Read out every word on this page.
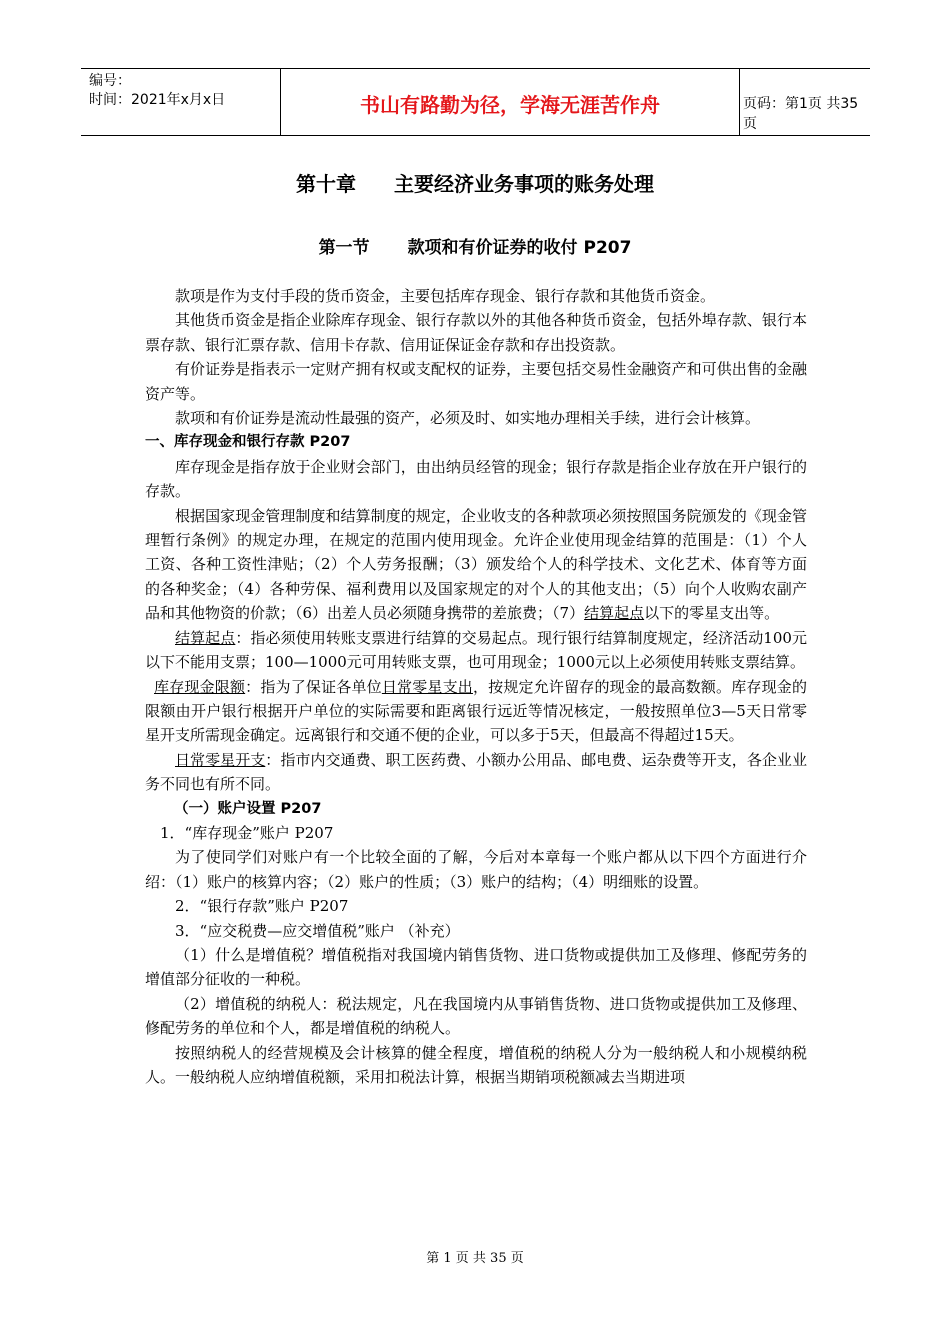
编号：
时间：2021年x月x日	书山有路勤为径，学海无涯苦作舟	页码：第1页 共35页
第十章 主要经济业务事项的账务处理
第一节 款项和有价证券的收付 P207

款项是作为支付手段的货币资金，主要包括库存现金、银行存款和其他货币资金。

其他货币资金是指企业除库存现金、银行存款以外的其他各种货币资金，包括外埠存款、银行本票存款、银行汇票存款、信用卡存款、信用证保证金存款和存出投资款。

有价证券是指表示一定财产拥有权或支配权的证券，主要包括交易性金融资产和可供出售的金融资产等。

款项和有价证券是流动性最强的资产，必须及时、如实地办理相关手续，进行会计核算。

一、库存现金和银行存款 P207

库存现金是指存放于企业财会部门，由出纳员经管的现金；银行存款是指企业存放在开户银行的存款。

根据国家现金管理制度和结算制度的规定，企业收支的各种款项必须按照国务院颁发的《现金管理暂行条例》的规定办理，在规定的范围内使用现金。允许企业使用现金结算的范围是：（1）个人工资、各种工资性津贴；（2）个人劳务报酬；（3）颁发给个人的科学技术、文化艺术、体育等方面的各种奖金；（4）各种劳保、福利费用以及国家规定的对个人的其他支出；（5）向个人收购农副产品和其他物资的价款；（6）出差人员必须随身携带的差旅费；（7）结算起点以下的零星支出等。

结算起点：指必须使用转账支票进行结算的交易起点。现行银行结算制度规定，经济活动100元以下不能用支票；100—1000元可用转账支票，也可用现金；1000元以上必须使用转账支票结算。

库存现金限额：指为了保证各单位日常零星支出，按规定允许留存的现金的最高数额。库存现金的限额由开户银行根据开户单位的实际需要和距离银行远近等情况核定，一般按照单位3—5天日常零星开支所需现金确定。远离银行和交通不便的企业，可以多于5天，但最高不得超过15天。

日常零星开支：指市内交通费、职工医药费、小额办公用品、邮电费、运杂费等开支，各企业业务不同也有所不同。

（一）账户设置 P207

1．“库存现金”账户 P207

为了使同学们对账户有一个比较全面的了解，今后对本章每一个账户都从以下四个方面进行介绍：（1）账户的核算内容；（2）账户的性质；（3）账户的结构；（4）明细账的设置。

2．“银行存款”账户 P207

3．“应交税费—应交增值税”账户 （补充）

（1）什么是增值税？增值税指对我国境内销售货物、进口货物或提供加工及修理、修配劳务的增值部分征收的一种税。

（2）增值税的纳税人：税法规定，凡在我国境内从事销售货物、进口货物或提供加工及修理、修配劳务的单位和个人，都是增值税的纳税人。

按照纳税人的经营规模及会计核算的健全程度，增值税的纳税人分为一般纳税人和小规模纳税人。一般纳税人应纳增值税额，采用扣税法计算，根据当期销项税额减去当期进项

第 1 页 共 35 页
